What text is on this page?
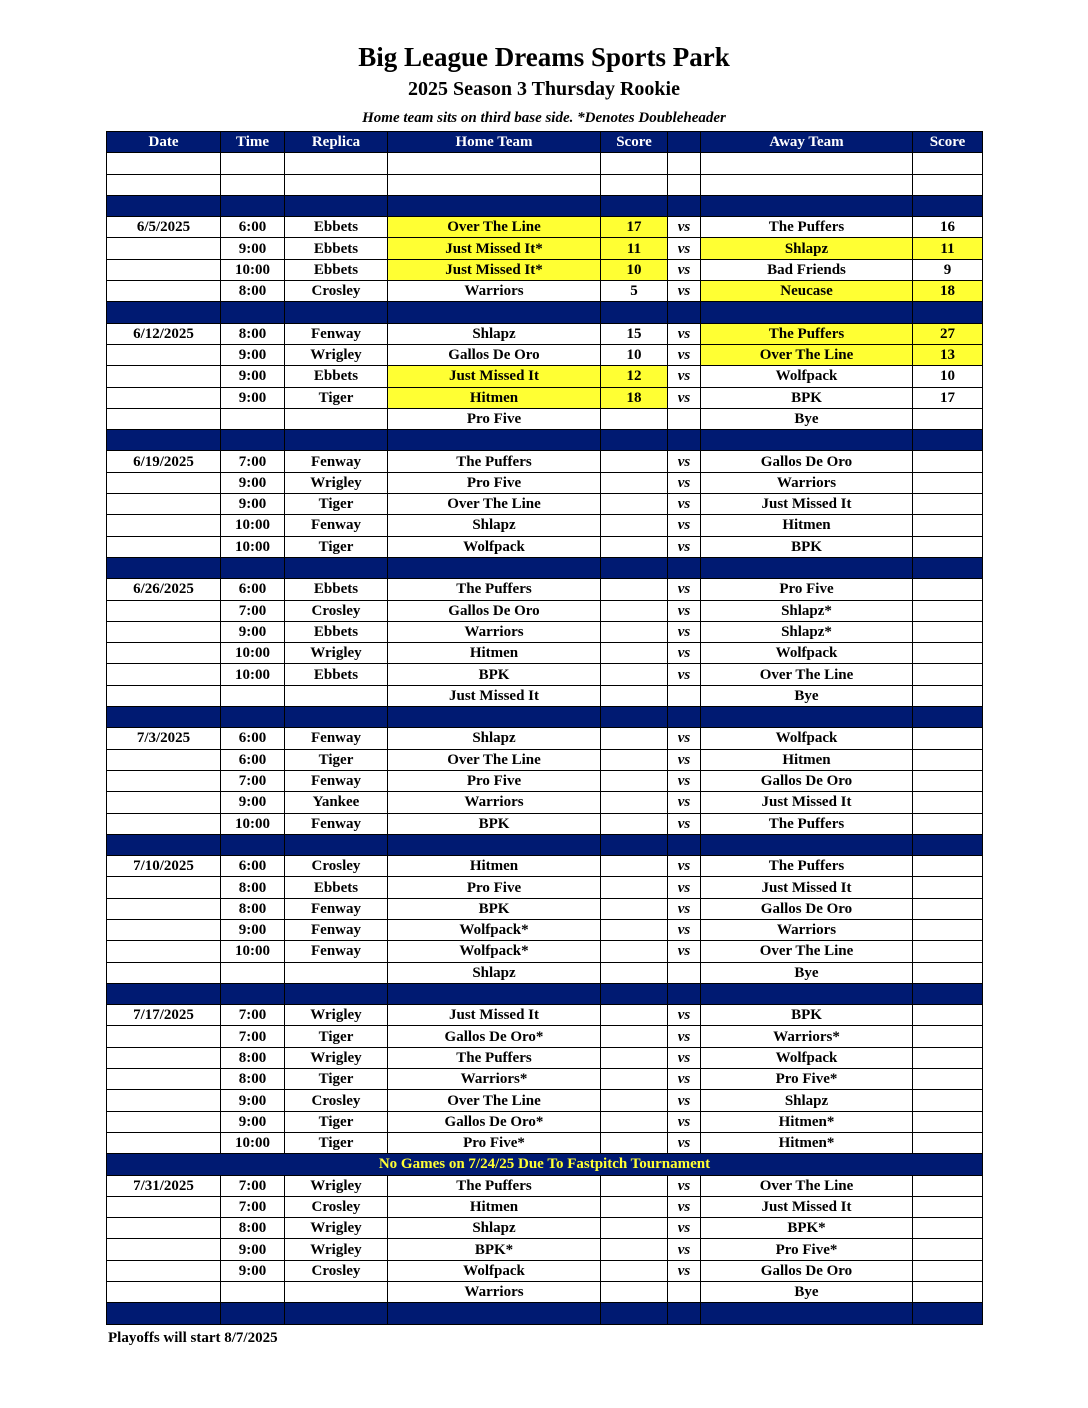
Big League Dreams Sports Park
2025 Season 3 Thursday Rookie
Home team sits on third base side. *Denotes Doubleheader
Date	Time	Replica	Home Team	Score		Away Team	Score

6/5/2025	6:00	Ebbets	Over The Line	17	vs	The Puffers	16
	9:00	Ebbets	Just Missed It*	11	vs	Shlapz	11
	10:00	Ebbets	Just Missed It*	10	vs	Bad Friends	9
	8:00	Crosley	Warriors	5	vs	Neucase	18

6/12/2025	8:00	Fenway	Shlapz	15	vs	The Puffers	27
	9:00	Wrigley	Gallos De Oro	10	vs	Over The Line	13
	9:00	Ebbets	Just Missed It	12	vs	Wolfpack	10
	9:00	Tiger	Hitmen	18	vs	BPK	17
			Pro Five			Bye	

6/19/2025	7:00	Fenway	The Puffers		vs	Gallos De Oro	
	9:00	Wrigley	Pro Five		vs	Warriors	
	9:00	Tiger	Over The Line		vs	Just Missed It	
	10:00	Fenway	Shlapz		vs	Hitmen	
	10:00	Tiger	Wolfpack		vs	BPK	

6/26/2025	6:00	Ebbets	The Puffers		vs	Pro Five	
	7:00	Crosley	Gallos De Oro		vs	Shlapz*	
	9:00	Ebbets	Warriors		vs	Shlapz*	
	10:00	Wrigley	Hitmen		vs	Wolfpack	
	10:00	Ebbets	BPK		vs	Over The Line	
			Just Missed It			Bye	

7/3/2025	6:00	Fenway	Shlapz		vs	Wolfpack	
	6:00	Tiger	Over The Line		vs	Hitmen	
	7:00	Fenway	Pro Five		vs	Gallos De Oro	
	9:00	Yankee	Warriors		vs	Just Missed It	
	10:00	Fenway	BPK		vs	The Puffers	

7/10/2025	6:00	Crosley	Hitmen		vs	The Puffers	
	8:00	Ebbets	Pro Five		vs	Just Missed It	
	8:00	Fenway	BPK		vs	Gallos De Oro	
	9:00	Fenway	Wolfpack*		vs	Warriors	
	10:00	Fenway	Wolfpack*		vs	Over The Line	
			Shlapz			Bye	

7/17/2025	7:00	Wrigley	Just Missed It		vs	BPK	
	7:00	Tiger	Gallos De Oro*		vs	Warriors*	
	8:00	Wrigley	The Puffers		vs	Wolfpack	
	8:00	Tiger	Warriors*		vs	Pro Five*	
	9:00	Crosley	Over The Line		vs	Shlapz	
	9:00	Tiger	Gallos De Oro*		vs	Hitmen*	
	10:00	Tiger	Pro Five*		vs	Hitmen*	
No Games on 7/24/25 Due To Fastpitch Tournament							
7/31/2025	7:00	Wrigley	The Puffers		vs	Over The Line	
	7:00	Crosley	Hitmen		vs	Just Missed It	
	8:00	Wrigley	Shlapz		vs	BPK*	
	9:00	Wrigley	BPK*		vs	Pro Five*	
	9:00	Crosley	Wolfpack		vs	Gallos De Oro	
			Warriors			Bye	

Playoffs will start 8/7/2025
